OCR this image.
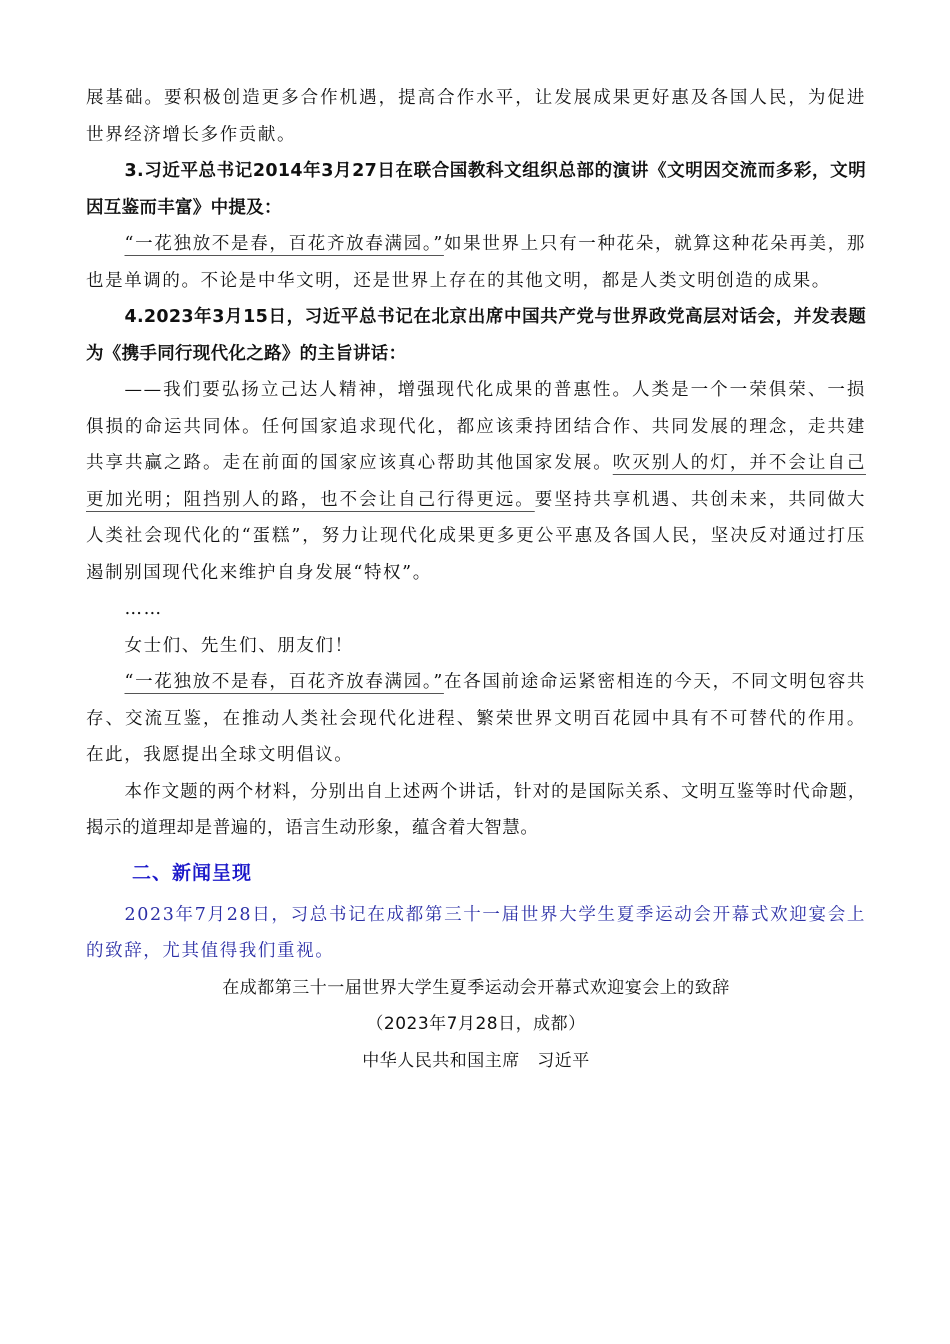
展基础。要积极创造更多合作机遇，提高合作水平，让发展成果更好惠及各国人民，为促进世界经济增长多作贡献。

3.习近平总书记2014年3月27日在联合国教科文组织总部的演讲《文明因交流而多彩，文明因互鉴而丰富》中提及：

“一花独放不是春，百花齐放春满园。”如果世界上只有一种花朵，就算这种花朵再美，那也是单调的。不论是中华文明，还是世界上存在的其他文明，都是人类文明创造的成果。

4.2023年3月15日，习近平总书记在北京出席中国共产党与世界政党高层对话会，并发表题为《携手同行现代化之路》的主旨讲话：

——我们要弘扬立己达人精神，增强现代化成果的普惠性。人类是一个一荣俱荣、一损俱损的命运共同体。任何国家追求现代化，都应该秉持团结合作、共同发展的理念，走共建共享共赢之路。走在前面的国家应该真心帮助其他国家发展。吹灭别人的灯，并不会让自己更加光明；阻挡别人的路，也不会让自己行得更远。要坚持共享机遇、共创未来，共同做大人类社会现代化的“蛋糕”，努力让现代化成果更多更公平惠及各国人民，坚决反对通过打压遏制别国现代化来维护自身发展“特权”。

……

女士们、先生们、朋友们！

“一花独放不是春，百花齐放春满园。”在各国前途命运紧密相连的今天，不同文明包容共存、交流互鉴，在推动人类社会现代化进程、繁荣世界文明百花园中具有不可替代的作用。在此，我愿提出全球文明倡议。

本作文题的两个材料，分别出自上述两个讲话，针对的是国际关系、文明互鉴等时代命题，揭示的道理却是普遍的，语言生动形象，蕴含着大智慧。

二、新闻呈现

2023年7月28日，习总书记在成都第三十一届世界大学生夏季运动会开幕式欢迎宴会上的致辞，尤其值得我们重视。

在成都第三十一届世界大学生夏季运动会开幕式欢迎宴会上的致辞

（2023年7月28日，成都）

中华人民共和国主席　习近平
